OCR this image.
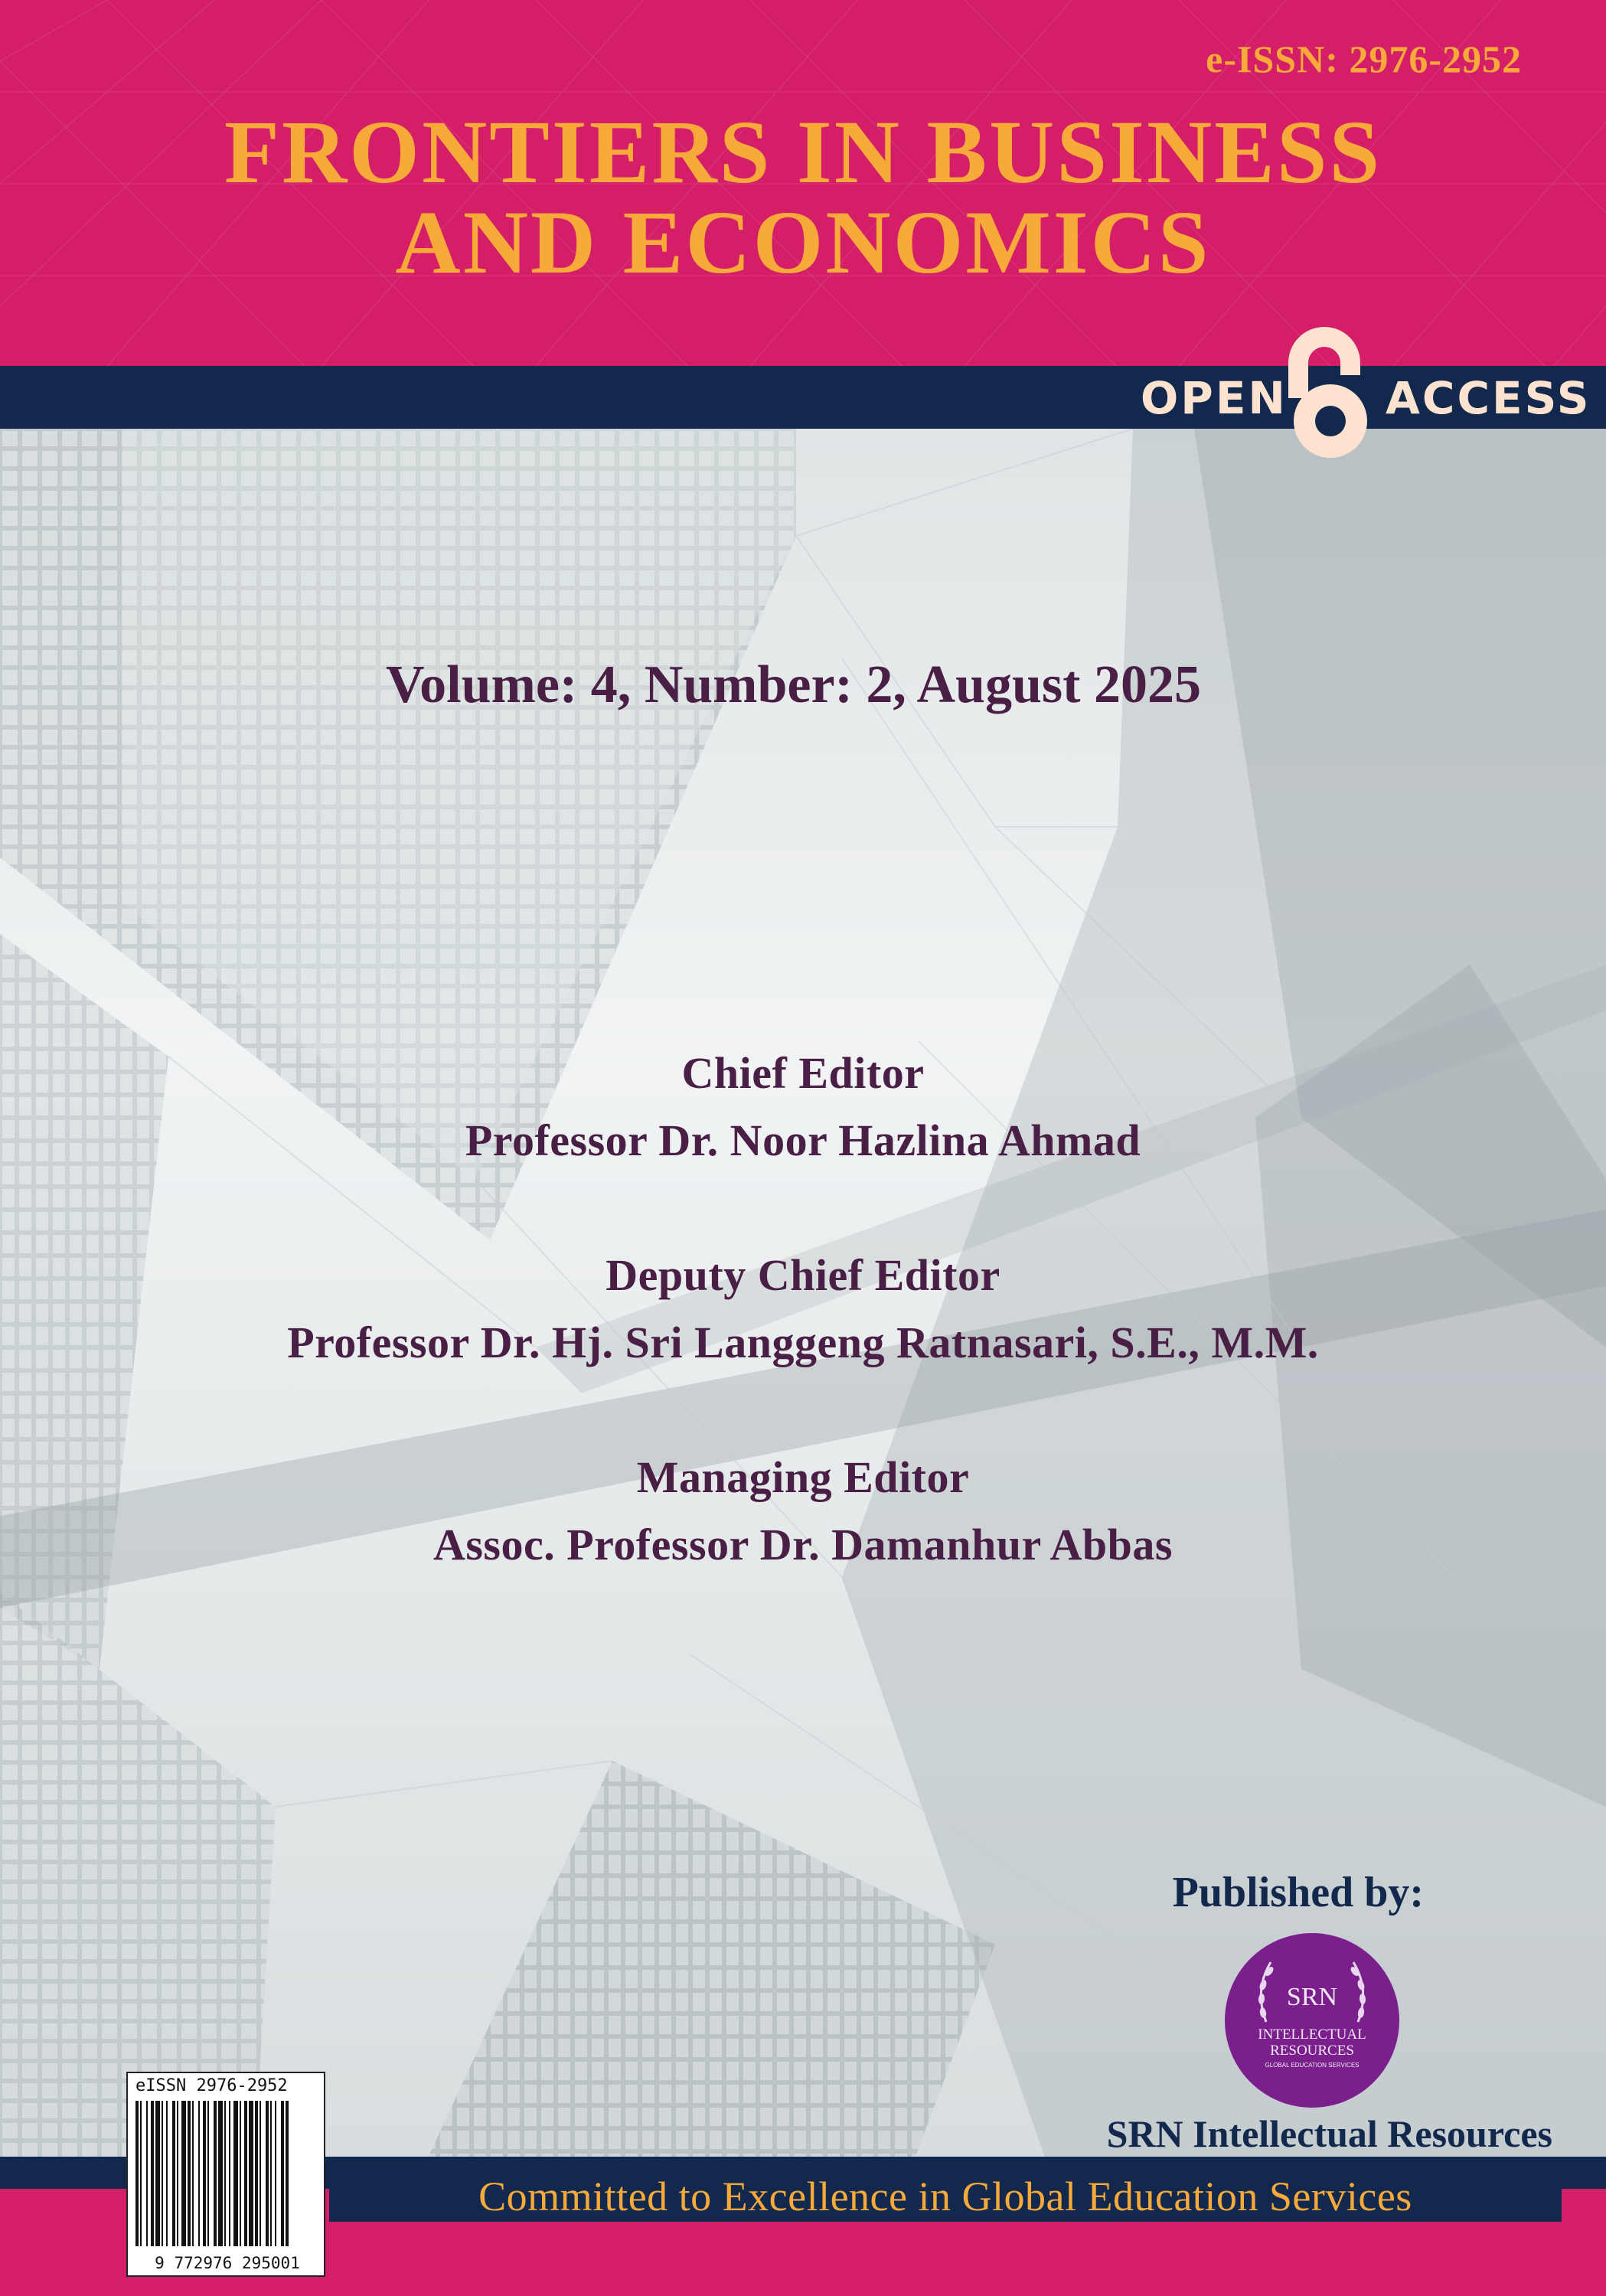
e-ISSN: 2976-2952
FRONTIERS IN BUSINESS
AND ECONOMICS
OPEN ACCESS
Volume: 4, Number: 2, August 2025
Chief Editor
Professor Dr. Noor Hazlina Ahmad
Deputy Chief Editor
Professor Dr. Hj. Sri Langgeng Ratnasari, S.E., M.M.
Managing Editor
Assoc. Professor Dr. Damanhur Abbas
Published by:
SRN
INTELLECTUAL
RESOURCES
GLOBAL EDUCATION SERVICES
SRN Intellectual Resources
Committed to Excellence in Global Education Services
eISSN 2976-2952
9 772976 295001
